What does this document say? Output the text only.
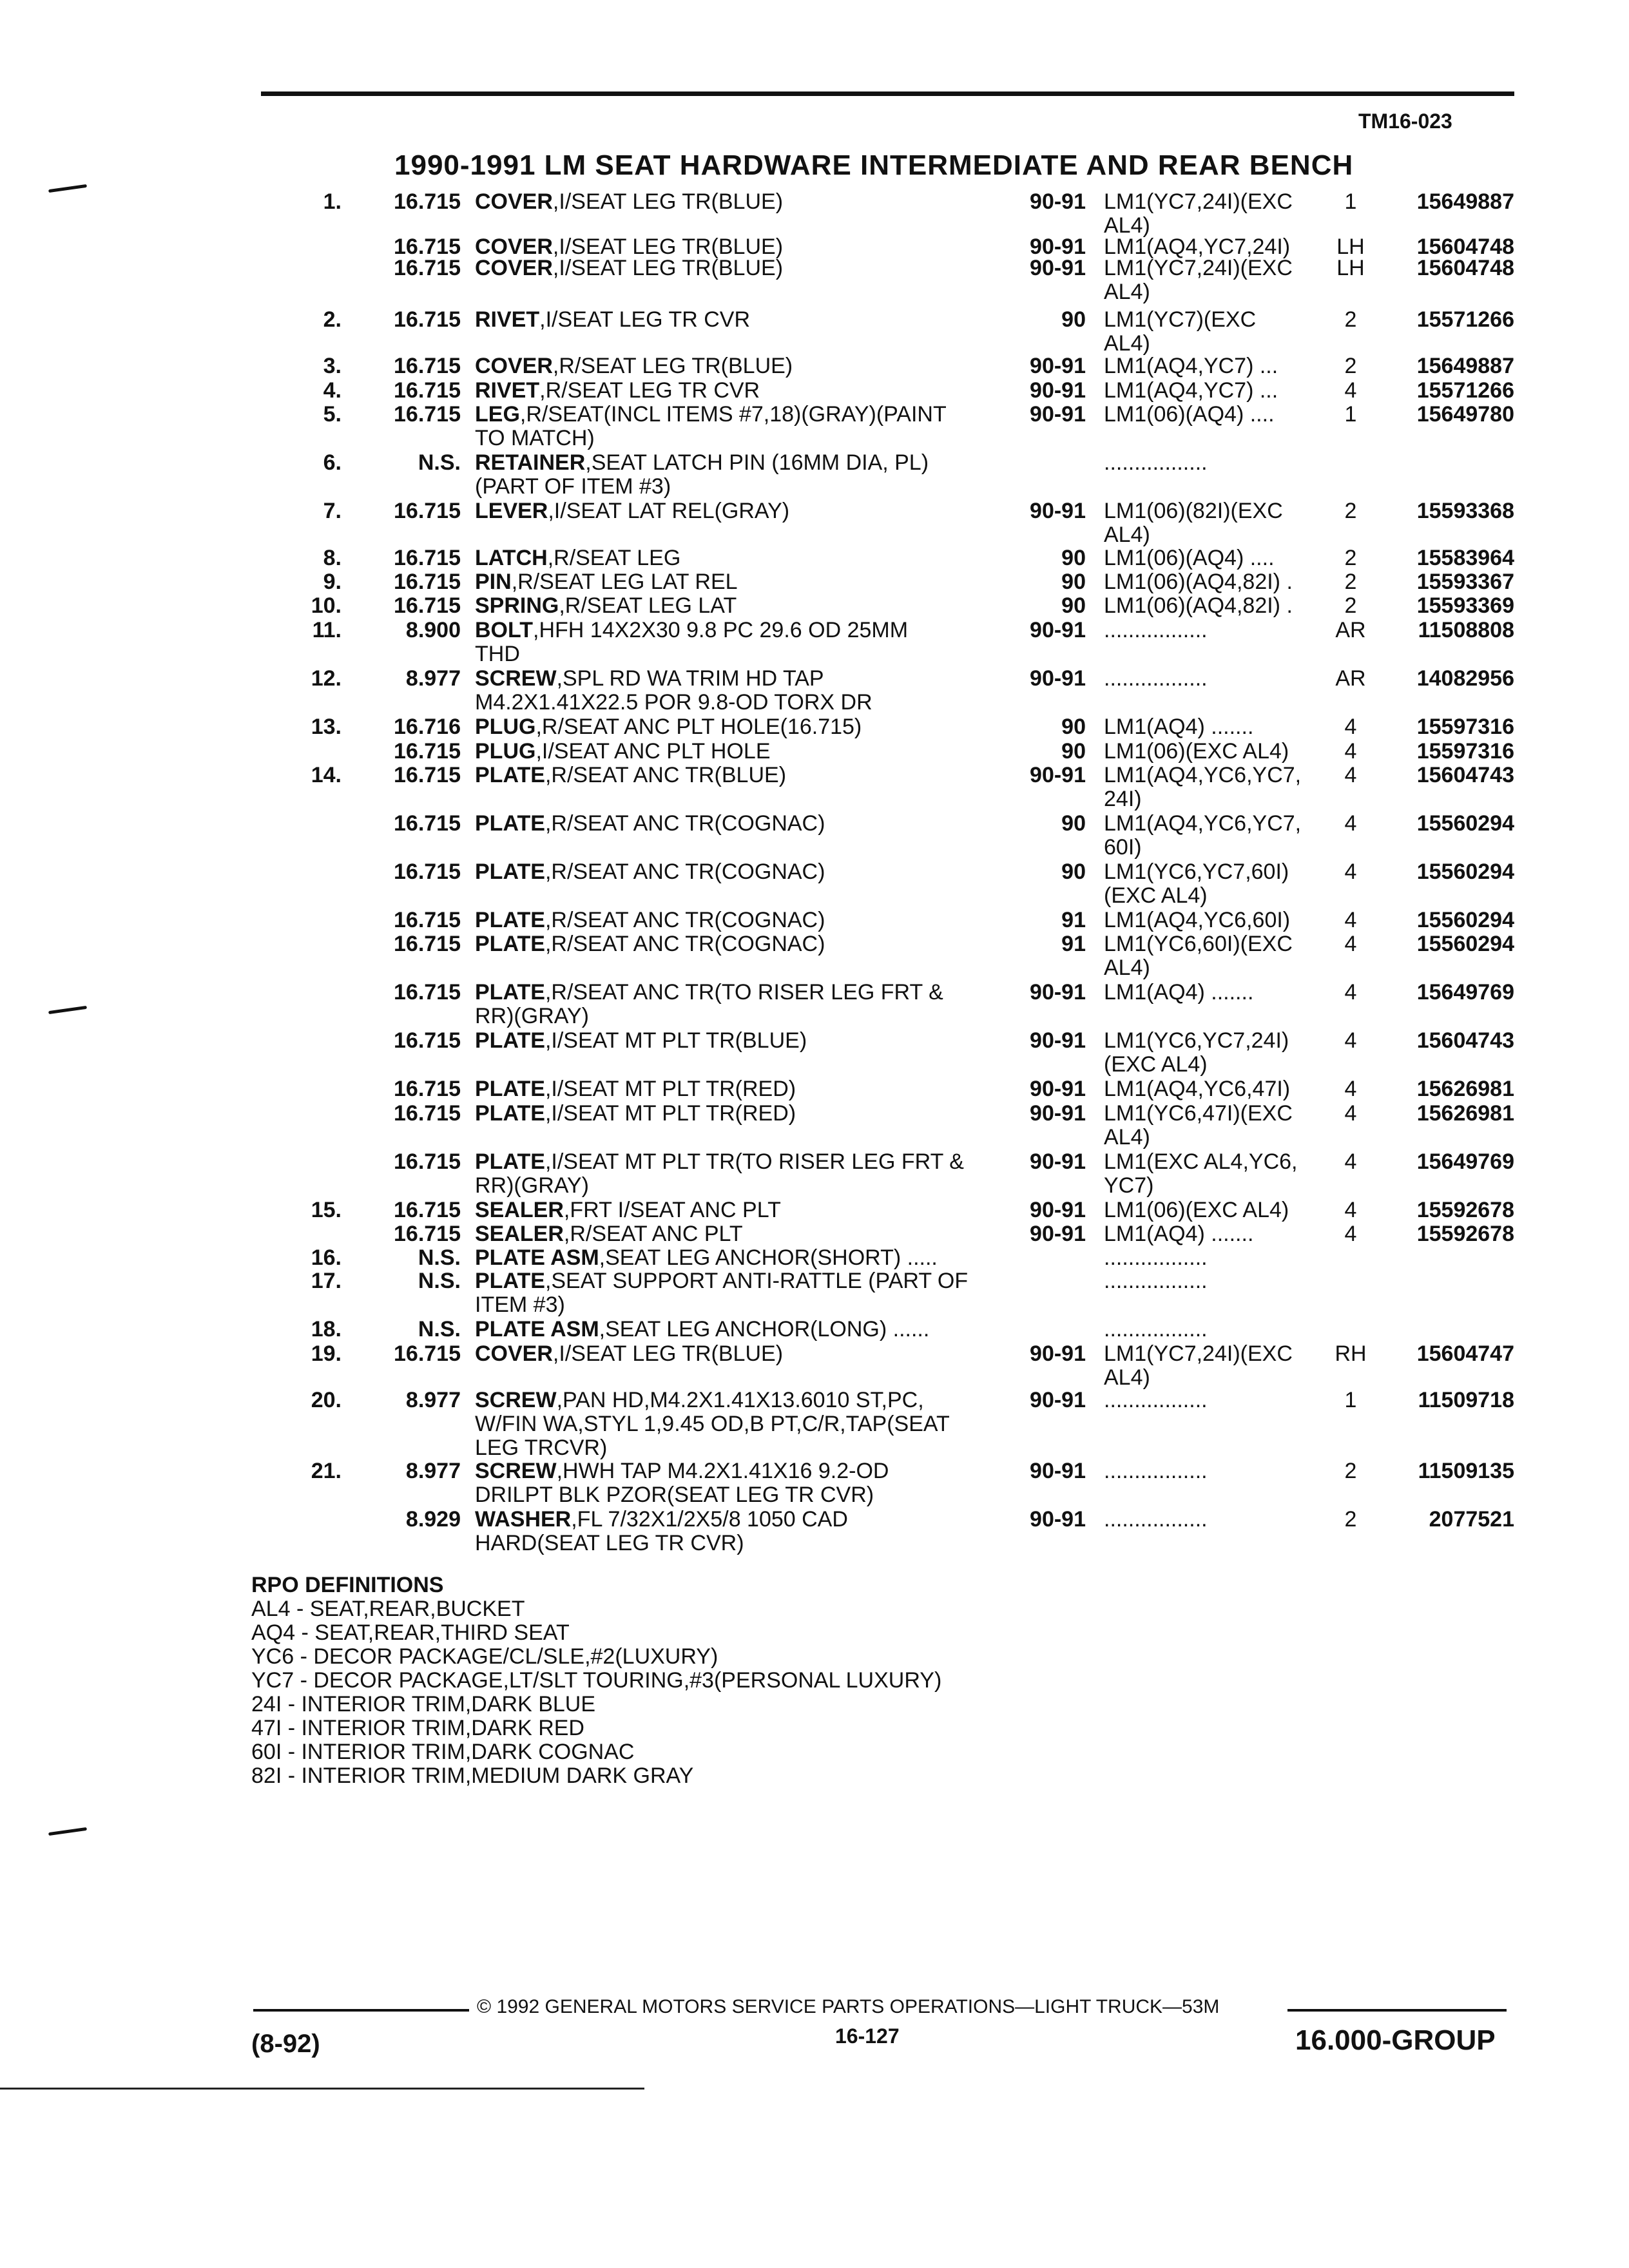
TM16-023
1990-1991 LM SEAT HARDWARE INTERMEDIATE AND REAR BENCH
1.	16.715 COVER,I/SEAT LEG TR(BLUE)	90-91 LM1(YC7,24I)(EXC
AL4)
1	15649887
16.715 COVER,I/SEAT LEG TR(BLUE)	90-91 LM1(AQ4,YC7,24I)	LH	15604748
16.715 COVER,I/SEAT LEG TR(BLUE)	90-91 LM1(YC7,24I)(EXC
AL4)
LH	15604748
2.	16.715 RIVET,I/SEAT LEG TR CVR	90 LM1(YC7)(EXC
AL4)
2	15571266
3.	16.715 COVER,R/SEAT LEG TR(BLUE)	90-91 LM1(AQ4,YC7) ...	2	15649887
4.	16.715 RIVET,R/SEAT LEG TR CVR	90-91 LM1(AQ4,YC7) ...	4	15571266
5.	16.715 LEG,R/SEAT(INCL ITEMS #7,18)(GRAY)(PAINT
TO MATCH)
90-91 LM1(06)(AQ4) ....	1	15649780
6.	N.S. RETAINER,SEAT LATCH PIN (16MM DIA, PL)
(PART OF ITEM #3)
.................
7.	16.715 LEVER,I/SEAT LAT REL(GRAY)	90-91 LM1(06)(82I)(EXC
AL4)
2	15593368
8.	16.715 LATCH,R/SEAT LEG	90 LM1(06)(AQ4) ....	2	15583964
9.	16.715 PIN,R/SEAT LEG LAT REL	90 LM1(06)(AQ4,82I) .	2	15593367
10.	16.715 SPRING,R/SEAT LEG LAT	90 LM1(06)(AQ4,82I) .	2	15593369
11.	8.900 BOLT,HFH 14X2X30 9.8 PC 29.6 OD 25MM
THD
90-91 .................	AR	11508808
12.	8.977 SCREW,SPL RD WA TRIM HD TAP
M4.2X1.41X22.5 POR 9.8-OD TORX DR
90-91 .................	AR	14082956
13.	16.716 PLUG,R/SEAT ANC PLT HOLE(16.715)	90 LM1(AQ4) .......	4	15597316
16.715 PLUG,I/SEAT ANC PLT HOLE	90 LM1(06)(EXC AL4)	4	15597316
14.	16.715 PLATE,R/SEAT ANC TR(BLUE)	90-91 LM1(AQ4,YC6,YC7,
24I)
4	15604743
16.715 PLATE,R/SEAT ANC TR(COGNAC)	90 LM1(AQ4,YC6,YC7,
60I)
4	15560294
16.715 PLATE,R/SEAT ANC TR(COGNAC)	90 LM1(YC6,YC7,60I)
(EXC AL4)
4	15560294
16.715 PLATE,R/SEAT ANC TR(COGNAC)	91 LM1(AQ4,YC6,60I)	4	15560294
16.715 PLATE,R/SEAT ANC TR(COGNAC)	91 LM1(YC6,60I)(EXC
AL4)
4	15560294
16.715 PLATE,R/SEAT ANC TR(TO RISER LEG FRT &
RR)(GRAY)
90-91 LM1(AQ4) .......	4	15649769
16.715 PLATE,I/SEAT MT PLT TR(BLUE)	90-91 LM1(YC6,YC7,24I)
(EXC AL4)
4	15604743
16.715 PLATE,I/SEAT MT PLT TR(RED)	90-91 LM1(AQ4,YC6,47I)	4	15626981
16.715 PLATE,I/SEAT MT PLT TR(RED)	90-91 LM1(YC6,47I)(EXC
AL4)
4	15626981
16.715 PLATE,I/SEAT MT PLT TR(TO RISER LEG FRT &
RR)(GRAY)
90-91 LM1(EXC AL4,YC6,
YC7)
4	15649769
15.	16.715 SEALER,FRT I/SEAT ANC PLT	90-91 LM1(06)(EXC AL4)	4	15592678
16.715 SEALER,R/SEAT ANC PLT	90-91 LM1(AQ4) .......	4	15592678
16.	N.S. PLATE ASM,SEAT LEG ANCHOR(SHORT) .....	.................
17.	N.S. PLATE,SEAT SUPPORT ANTI-RATTLE (PART OF
ITEM #3)
.................
18.	N.S. PLATE ASM,SEAT LEG ANCHOR(LONG) ......	.................
19.	16.715 COVER,I/SEAT LEG TR(BLUE)	90-91 LM1(YC7,24I)(EXC
AL4)
RH	15604747
20.	8.977 SCREW,PAN HD,M4.2X1.41X13.6010 ST,PC,
W/FIN WA,STYL 1,9.45 OD,B PT,C/R,TAP(SEAT
LEG TRCVR)
90-91 .................	1	11509718
21.	8.977 SCREW,HWH TAP M4.2X1.41X16 9.2-OD
DRILPT BLK PZOR(SEAT LEG TR CVR)
90-91 .................	2	11509135
8.929 WASHER,FL 7/32X1/2X5/8 1050 CAD
HARD(SEAT LEG TR CVR)
90-91 .................	2	2077521
RPO DEFINITIONS
AL4 - SEAT,REAR,BUCKET
AQ4 - SEAT,REAR,THIRD SEAT
YC6 - DECOR PACKAGE/CL/SLE,#2(LUXURY)
YC7 - DECOR PACKAGE,LT/SLT TOURING,#3(PERSONAL LUXURY)
24I - INTERIOR TRIM,DARK BLUE
47I - INTERIOR TRIM,DARK RED
60I - INTERIOR TRIM,DARK COGNAC
82I - INTERIOR TRIM,MEDIUM DARK GRAY
(8-92)
© 1992 GENERAL MOTORS SERVICE PARTS OPERATIONS—LIGHT TRUCK—53M
16-127	16.000-GROUP
